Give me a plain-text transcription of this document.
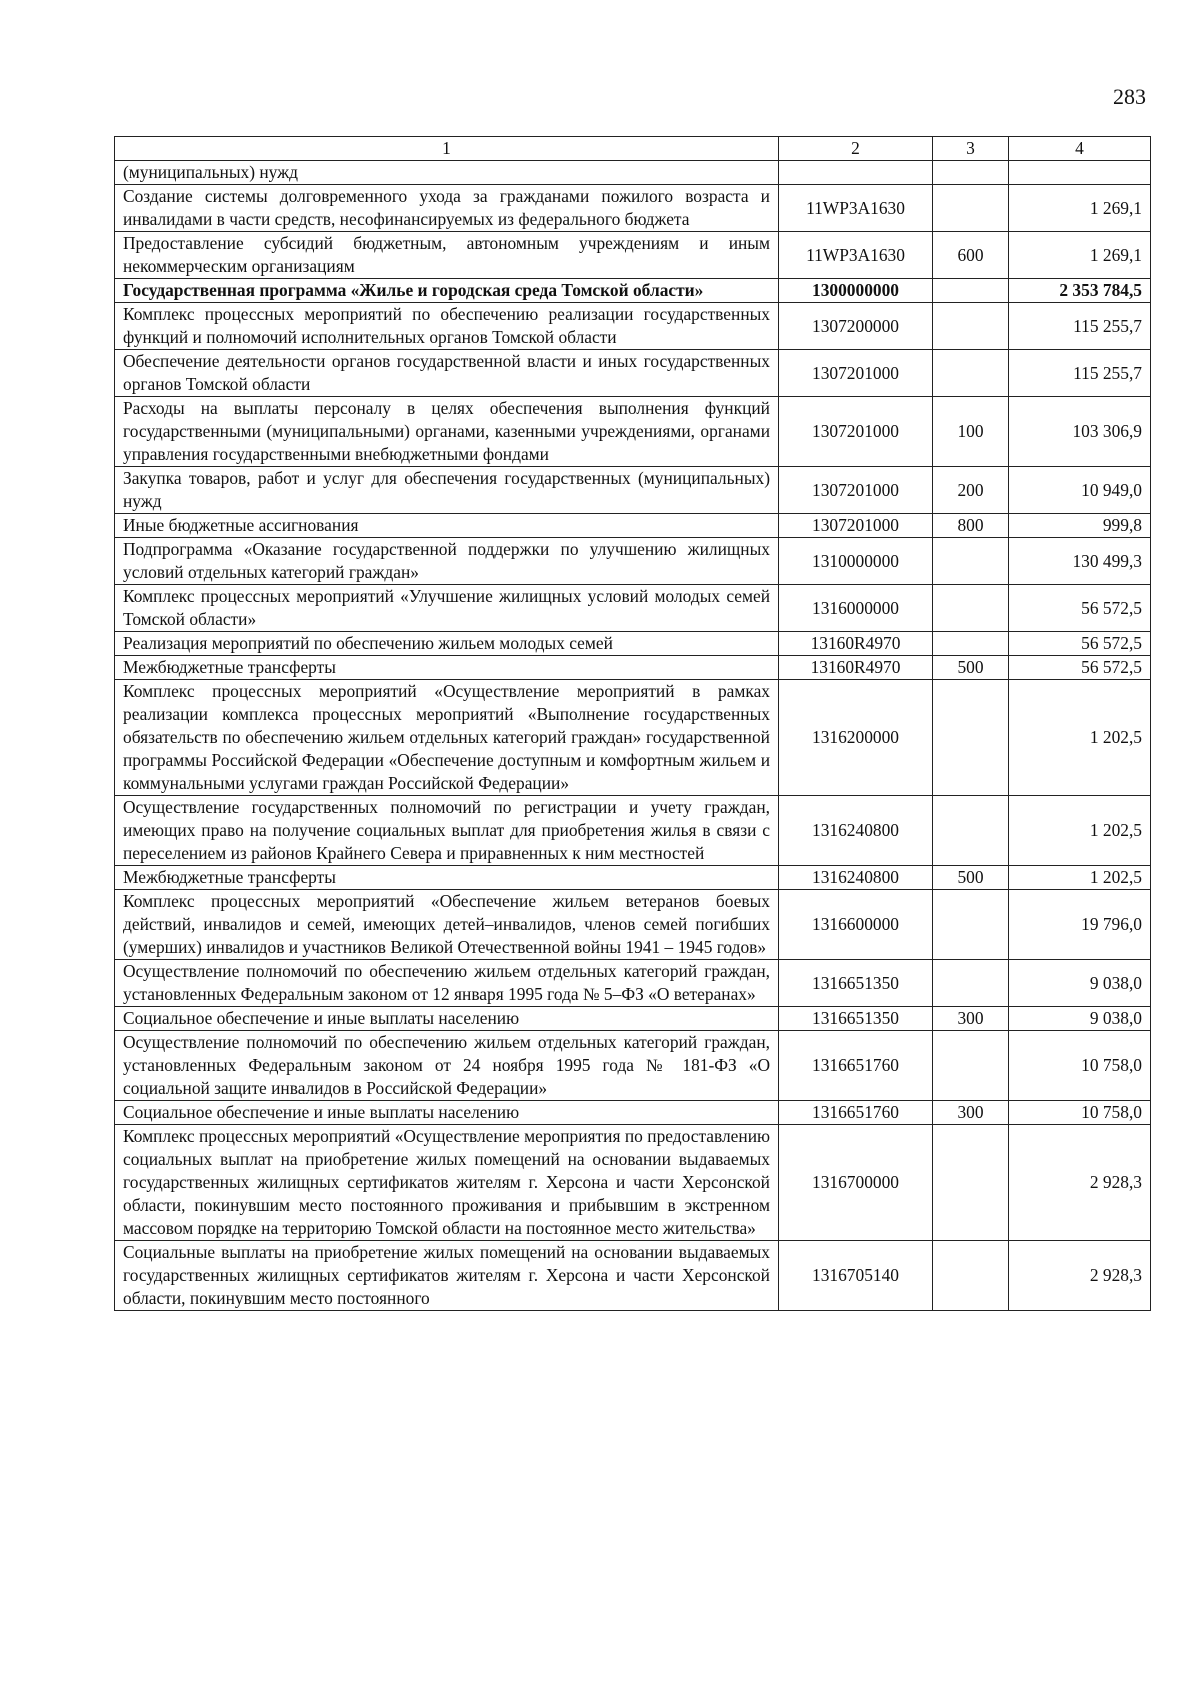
283
1	2	3	4
(муниципальных) нужд			
Создание системы долговременного ухода за гражданами пожилого возраста и инвалидами в части средств, несофинансируемых из федерального бюджета	11WP3A1630		1 269,1
Предоставление субсидий бюджетным, автономным учреждениям и иным некоммерческим организациям	11WP3A1630	600	1 269,1
Государственная программа «Жилье и городская среда Томской области»	1300000000		2 353 784,5
Комплекс процессных мероприятий по обеспечению реализации государственных функций и полномочий исполнительных органов Томской области	1307200000		115 255,7
Обеспечение деятельности органов государственной власти и иных государственных органов Томской области	1307201000		115 255,7
Расходы на выплаты персоналу в целях обеспечения выполнения функций государственными (муниципальными) органами, казенными учреждениями, органами управления государственными внебюджетными фондами	1307201000	100	103 306,9
Закупка товаров, работ и услуг для обеспечения государственных (муниципальных) нужд	1307201000	200	10 949,0
Иные бюджетные ассигнования	1307201000	800	999,8
Подпрограмма «Оказание государственной поддержки по улучшению жилищных условий отдельных категорий граждан»	1310000000		130 499,3
Комплекс процессных мероприятий «Улучшение жилищных условий молодых семей Томской области»	1316000000		56 572,5
Реализация мероприятий по обеспечению жильем молодых семей	13160R4970		56 572,5
Межбюджетные трансферты	13160R4970	500	56 572,5
Комплекс процессных мероприятий «Осуществление мероприятий в рамках реализации комплекса процессных мероприятий «Выполнение государственных обязательств по обеспечению жильем отдельных категорий граждан» государственной программы Российской Федерации «Обеспечение доступным и комфортным жильем и коммунальными услугами граждан Российской Федерации»	1316200000		1 202,5
Осуществление государственных полномочий по регистрации и учету граждан, имеющих право на получение социальных выплат для приобретения жилья в связи с переселением из районов Крайнего Севера и приравненных к ним местностей	1316240800		1 202,5
Межбюджетные трансферты	1316240800	500	1 202,5
Комплекс процессных мероприятий «Обеспечение жильем ветеранов боевых действий, инвалидов и семей, имеющих детей–инвалидов, членов семей погибших (умерших) инвалидов и участников Великой Отечественной войны 1941 – 1945 годов»	1316600000		19 796,0
Осуществление полномочий по обеспечению жильем отдельных категорий граждан, установленных Федеральным законом от 12 января 1995 года № 5–ФЗ «О ветеранах»	1316651350		9 038,0
Социальное обеспечение и иные выплаты населению	1316651350	300	9 038,0
Осуществление полномочий по обеспечению жильем отдельных категорий граждан, установленных Федеральным законом от 24 ноября 1995 года № 181-ФЗ «О социальной защите инвалидов в Российской Федерации»	1316651760		10 758,0
Социальное обеспечение и иные выплаты населению	1316651760	300	10 758,0
Комплекс процессных мероприятий «Осуществление мероприятия по предоставлению социальных выплат на приобретение жилых помещений на основании выдаваемых государственных жилищных сертификатов жителям г. Херсона и части Херсонской области, покинувшим место постоянного проживания и прибывшим в экстренном массовом порядке на территорию Томской области на постоянное место жительства»	1316700000		2 928,3
Социальные выплаты на приобретение жилых помещений на основании выдаваемых государственных жилищных сертификатов жителям г. Херсона и части Херсонской области, покинувшим место постоянного	1316705140		2 928,3
